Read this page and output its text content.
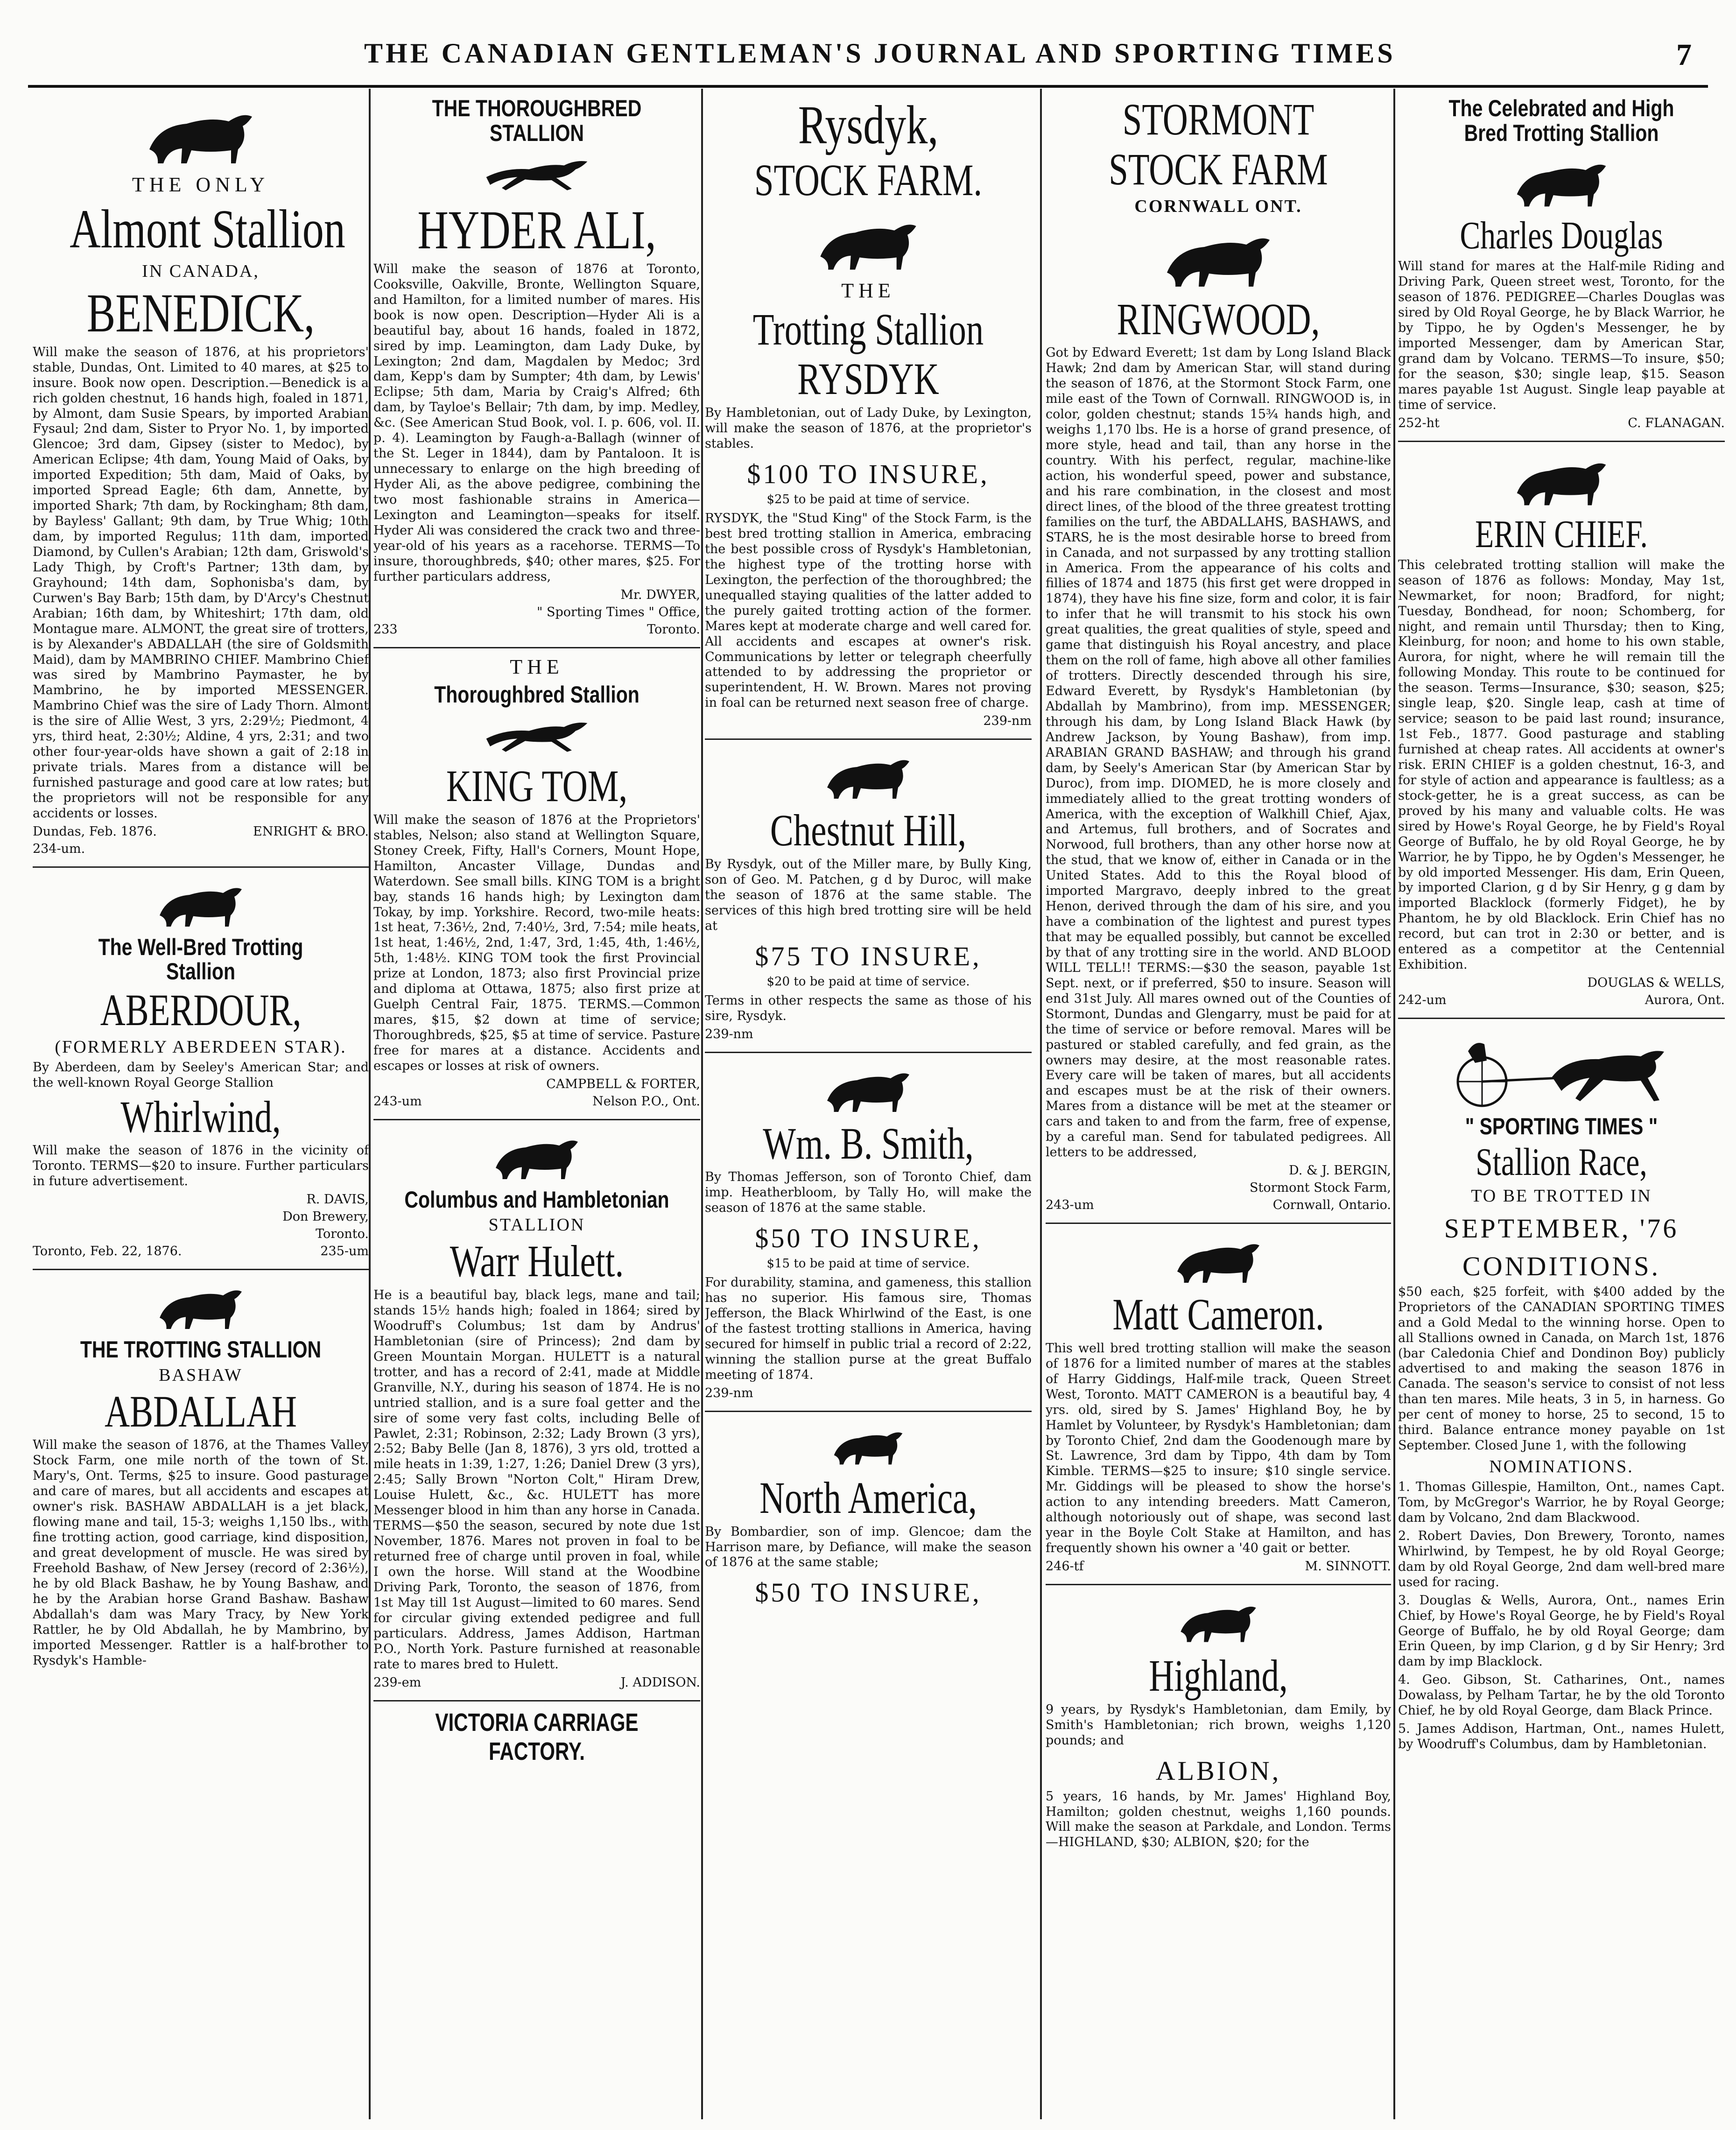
THE CANADIAN GENTLEMAN'S JOURNAL AND SPORTING TIMES	7
THE ONLY
Almont Stallion
IN CANADA,
BENEDICK,

Will make the season of 1876, at his proprietors' stable, Dundas, Ont. Limited to 40 mares, at $25 to insure. Book now open. Description.—Benedick is a rich golden chestnut, 16 hands high, foaled in 1871, by Almont, dam Susie Spears, by imported Arabian Fysaul; 2nd dam, Sister to Pryor No. 1, by imported Glencoe; 3rd dam, Gipsey (sister to Medoc), by American Eclipse; 4th dam, Young Maid of Oaks, by imported Expedition; 5th dam, Maid of Oaks, by imported Spread Eagle; 6th dam, Annette, by imported Shark; 7th dam, by Rockingham; 8th dam, by Bayless' Gallant; 9th dam, by True Whig; 10th dam, by imported Regulus; 11th dam, imported Diamond, by Cullen's Arabian; 12th dam, Griswold's Lady Thigh, by Croft's Partner; 13th dam, by Grayhound; 14th dam, Sophonisba's dam, by Curwen's Bay Barb; 15th dam, by D'Arcy's Chestnut Arabian; 16th dam, by Whiteshirt; 17th dam, old Montague mare. ALMONT, the great sire of trotters, is by Alexander's ABDALLAH (the sire of Goldsmith Maid), dam by MAMBRINO CHIEF. Mambrino Chief was sired by Mambrino Paymaster, he by Mambrino, he by imported MESSENGER. Mambrino Chief was the sire of Lady Thorn. Almont is the sire of Allie West, 3 yrs, 2:29½; Piedmont, 4 yrs, third heat, 2:30½; Aldine, 4 yrs, 2:31; and two other four-year-olds have shown a gait of 2:18 in private trials. Mares from a distance will be furnished pasturage and good care at low rates; but the proprietors will not be responsible for any accidents or losses.

Dundas, Feb. 1876.	ENRIGHT & BRO.
234-um.
The Well-Bred Trotting Stallion
ABERDOUR,
(FORMERLY ABERDEEN STAR).

By Aberdeen, dam by Seeley's American Star; and the well-known Royal George Stallion

Whirlwind,

Will make the season of 1876 in the vicinity of Toronto. TERMS—$20 to insure. Further particulars in future advertisement.

R. DAVIS,
Don Brewery,
Toronto.
Toronto, Feb. 22, 1876.	235-um
THE TROTTING STALLION
BASHAW
ABDALLAH

Will make the season of 1876, at the Thames Valley Stock Farm, one mile north of the town of St. Mary's, Ont. Terms, $25 to insure. Good pasturage and care of mares, but all accidents and escapes at owner's risk. BASHAW ABDALLAH is a jet black, flowing mane and tail, 15-3; weighs 1,150 lbs., with fine trotting action, good carriage, kind disposition, and great development of muscle. He was sired by Freehold Bashaw, of New Jersey (record of 2:36½), he by old Black Bashaw, he by Young Bashaw, and he by the Arabian horse Grand Bashaw. Bashaw Abdallah's dam was Mary Tracy, by New York Rattler, he by Old Abdallah, he by Mambrino, by imported Messenger. Rattler is a half-brother to Rysdyk's Hamble-

THE THOROUGHBRED STALLION
HYDER ALI,

Will make the season of 1876 at Toronto, Cooksville, Oakville, Bronte, Wellington Square, and Hamilton, for a limited number of mares. His book is now open. Description—Hyder Ali is a beautiful bay, about 16 hands, foaled in 1872, sired by imp. Leamington, dam Lady Duke, by Lexington; 2nd dam, Magdalen by Medoc; 3rd dam, Kepp's dam by Sumpter; 4th dam, by Lewis' Eclipse; 5th dam, Maria by Craig's Alfred; 6th dam, by Tayloe's Bellair; 7th dam, by imp. Medley, &c. (See American Stud Book, vol. I. p. 606, vol. II. p. 4). Leamington by Faugh-a-Ballagh (winner of the St. Leger in 1844), dam by Pantaloon. It is unnecessary to enlarge on the high breeding of Hyder Ali, as the above pedigree, combining the two most fashionable strains in America—Lexington and Leamington—speaks for itself. Hyder Ali was considered the crack two and three-year-old of his years as a racehorse. TERMS—To insure, thoroughbreds, $40; other mares, $25. For further particulars address,

Mr. DWYER,
" Sporting Times " Office,
233	Toronto.
THE
Thoroughbred Stallion
KING TOM,

Will make the season of 1876 at the Proprietors' stables, Nelson; also stand at Wellington Square, Stoney Creek, Fifty, Hall's Corners, Mount Hope, Hamilton, Ancaster Village, Dundas and Waterdown. See small bills. KING TOM is a bright bay, stands 16 hands high; by Lexington dam Tokay, by imp. Yorkshire. Record, two-mile heats: 1st heat, 7:36½, 2nd, 7:40½, 3rd, 7:54; mile heats, 1st heat, 1:46½, 2nd, 1:47, 3rd, 1:45, 4th, 1:46½, 5th, 1:48½. KING TOM took the first Provincial prize at London, 1873; also first Provincial prize and diploma at Ottawa, 1875; also first prize at Guelph Central Fair, 1875. TERMS.—Common mares, $15, $2 down at time of service; Thoroughbreds, $25, $5 at time of service. Pasture free for mares at a distance. Accidents and escapes or losses at risk of owners.

CAMPBELL & FORTER,
243-um	Nelson P.O., Ont.
Columbus and Hambletonian
STALLION
Warr Hulett.

He is a beautiful bay, black legs, mane and tail; stands 15½ hands high; foaled in 1864; sired by Woodruff's Columbus; 1st dam by Andrus' Hambletonian (sire of Princess); 2nd dam by Green Mountain Morgan. HULETT is a natural trotter, and has a record of 2:41, made at Middle Granville, N.Y., during his season of 1874. He is no untried stallion, and is a sure foal getter and the sire of some very fast colts, including Belle of Pawlet, 2:31; Robinson, 2:32; Lady Brown (3 yrs), 2:52; Baby Belle (Jan 8, 1876), 3 yrs old, trotted a mile heats in 1:39, 1:27, 1:26; Daniel Drew (3 yrs), 2:45; Sally Brown "Norton Colt," Hiram Drew, Louise Hulett, &c., &c. HULETT has more Messenger blood in him than any horse in Canada. TERMS—$50 the season, secured by note due 1st November, 1876. Mares not proven in foal to be returned free of charge until proven in foal, while I own the horse. Will stand at the Woodbine Driving Park, Toronto, the season of 1876, from 1st May till 1st August—limited to 60 mares. Send for circular giving extended pedigree and full particulars. Address, James Addison, Hartman P.O., North York. Pasture furnished at reasonable rate to mares bred to Hulett.

239-em	J. ADDISON.
VICTORIA CARRIAGE FACTORY.
Rysdyk,
STOCK FARM.
THE
Trotting Stallion
RYSDYK

By Hambletonian, out of Lady Duke, by Lexington, will make the season of 1876, at the proprietor's stables.

$100 TO INSURE,
$25 to be paid at time of service.

RYSDYK, the "Stud King" of the Stock Farm, is the best bred trotting stallion in America, embracing the best possible cross of Rysdyk's Hambletonian, the highest type of the trotting horse with Lexington, the perfection of the thoroughbred; the unequalled staying qualities of the latter added to the purely gaited trotting action of the former. Mares kept at moderate charge and well cared for. All accidents and escapes at owner's risk. Communications by letter or telegraph cheerfully attended to by addressing the proprietor or superintendent, H. W. Brown. Mares not proving in foal can be returned next season free of charge.

239-nm
Chestnut Hill,

By Rysdyk, out of the Miller mare, by Bully King, son of Geo. M. Patchen, g d by Duroc, will make the season of 1876 at the same stable. The services of this high bred trotting sire will be held at

$75 TO INSURE,
$20 to be paid at time of service.

Terms in other respects the same as those of his sire, Rysdyk.

239-nm
Wm. B. Smith,

By Thomas Jefferson, son of Toronto Chief, dam imp. Heatherbloom, by Tally Ho, will make the season of 1876 at the same stable.

$50 TO INSURE,
$15 to be paid at time of service.

For durability, stamina, and gameness, this stallion has no superior. His famous sire, Thomas Jefferson, the Black Whirlwind of the East, is one of the fastest trotting stallions in America, having secured for himself in public trial a record of 2:22, winning the stallion purse at the great Buffalo meeting of 1874.

239-nm
North America,

By Bombardier, son of imp. Glencoe; dam the Harrison mare, by Defiance, will make the season of 1876 at the same stable;

$50 TO INSURE,
STORMONT
STOCK FARM
CORNWALL ONT.
RINGWOOD,

Got by Edward Everett; 1st dam by Long Island Black Hawk; 2nd dam by American Star, will stand during the season of 1876, at the Stormont Stock Farm, one mile east of the Town of Cornwall. RINGWOOD is, in color, golden chestnut; stands 15¾ hands high, and weighs 1,170 lbs. He is a horse of grand presence, of more style, head and tail, than any horse in the country. With his perfect, regular, machine-like action, his wonderful speed, power and substance, and his rare combination, in the closest and most direct lines, of the blood of the three greatest trotting families on the turf, the ABDALLAHS, BASHAWS, and STARS, he is the most desirable horse to breed from in Canada, and not surpassed by any trotting stallion in America. From the appearance of his colts and fillies of 1874 and 1875 (his first get were dropped in 1874), they have his fine size, form and color, it is fair to infer that he will transmit to his stock his own great qualities, the great qualities of style, speed and game that distinguish his Royal ancestry, and place them on the roll of fame, high above all other families of trotters. Directly descended through his sire, Edward Everett, by Rysdyk's Hambletonian (by Abdallah by Mambrino), from imp. MESSENGER; through his dam, by Long Island Black Hawk (by Andrew Jackson, by Young Bashaw), from imp. ARABIAN GRAND BASHAW; and through his grand dam, by Seely's American Star (by American Star by Duroc), from imp. DIOMED, he is more closely and immediately allied to the great trotting wonders of America, with the exception of Walkhill Chief, Ajax, and Artemus, full brothers, and of Socrates and Norwood, full brothers, than any other horse now at the stud, that we know of, either in Canada or in the United States. Add to this the Royal blood of imported Margravo, deeply inbred to the great Henon, derived through the dam of his sire, and you have a combination of the lightest and purest types that may be equalled possibly, but cannot be excelled by that of any trotting sire in the world. AND BLOOD WILL TELL!! TERMS:—$30 the season, payable 1st Sept. next, or if preferred, $50 to insure. Season will end 31st July. All mares owned out of the Counties of Stormont, Dundas and Glengarry, must be paid for at the time of service or before removal. Mares will be pastured or stabled carefully, and fed grain, as the owners may desire, at the most reasonable rates. Every care will be taken of mares, but all accidents and escapes must be at the risk of their owners. Mares from a distance will be met at the steamer or cars and taken to and from the farm, free of expense, by a careful man. Send for tabulated pedigrees. All letters to be addressed,

D. & J. BERGIN,
Stormont Stock Farm,
243-um	Cornwall, Ontario.
Matt Cameron.

This well bred trotting stallion will make the season of 1876 for a limited number of mares at the stables of Harry Giddings, Half-mile track, Queen Street West, Toronto. MATT CAMERON is a beautiful bay, 4 yrs. old, sired by S. James' Highland Boy, he by Hamlet by Volunteer, by Rysdyk's Hambletonian; dam by Toronto Chief, 2nd dam the Goodenough mare by St. Lawrence, 3rd dam by Tippo, 4th dam by Tom Kimble. TERMS—$25 to insure; $10 single service. Mr. Giddings will be pleased to show the horse's action to any intending breeders. Matt Cameron, although notoriously out of shape, was second last year in the Boyle Colt Stake at Hamilton, and has frequently shown his owner a '40 gait or better.

246-tf	M. SINNOTT.
Highland,

9 years, by Rysdyk's Hambletonian, dam Emily, by Smith's Hambletonian; rich brown, weighs 1,120 pounds; and

ALBION,

5 years, 16 hands, by Mr. James' Highland Boy, Hamilton; golden chestnut, weighs 1,160 pounds. Will make the season at Parkdale, and London. Terms—HIGHLAND, $30; ALBION, $20; for the

The Celebrated and High Bred Trotting Stallion
Charles Douglas

Will stand for mares at the Half-mile Riding and Driving Park, Queen street west, Toronto, for the season of 1876. PEDIGREE—Charles Douglas was sired by Old Royal George, he by Black Warrior, he by Tippo, he by Ogden's Messenger, he by imported Messenger, dam by American Star, grand dam by Volcano. TERMS—To insure, $50; for the season, $30; single leap, $15. Season mares payable 1st August. Single leap payable at time of service.

252-ht	C. FLANAGAN.
ERIN CHIEF.

This celebrated trotting stallion will make the season of 1876 as follows: Monday, May 1st, Newmarket, for noon; Bradford, for night; Tuesday, Bondhead, for noon; Schomberg, for night, and remain until Thursday; then to King, Kleinburg, for noon; and home to his own stable, Aurora, for night, where he will remain till the following Monday. This route to be continued for the season. Terms—Insurance, $30; season, $25; single leap, $20. Single leap, cash at time of service; season to be paid last round; insurance, 1st Feb., 1877. Good pasturage and stabling furnished at cheap rates. All accidents at owner's risk. ERIN CHIEF is a golden chestnut, 16-3, and for style of action and appearance is faultless; as a stock-getter, he is a great success, as can be proved by his many and valuable colts. He was sired by Howe's Royal George, he by Field's Royal George of Buffalo, he by old Royal George, he by Warrior, he by Tippo, he by Ogden's Messenger, he by old imported Messenger. His dam, Erin Queen, by imported Clarion, g d by Sir Henry, g g dam by imported Blacklock (formerly Fidget), he by Phantom, he by old Blacklock. Erin Chief has no record, but can trot in 2:30 or better, and is entered as a competitor at the Centennial Exhibition.

DOUGLAS & WELLS,
242-um	Aurora, Ont.
" SPORTING TIMES "
Stallion Race,
TO BE TROTTED IN
SEPTEMBER, '76
CONDITIONS.

$50 each, $25 forfeit, with $400 added by the Proprietors of the CANADIAN SPORTING TIMES and a Gold Medal to the winning horse. Open to all Stallions owned in Canada, on March 1st, 1876 (bar Caledonia Chief and Dondinon Boy) publicly advertised to and making the season 1876 in Canada. The season's service to consist of not less than ten mares. Mile heats, 3 in 5, in harness. Go per cent of money to horse, 25 to second, 15 to third. Balance entrance money payable on 1st September. Closed June 1, with the following

NOMINATIONS.

1. Thomas Gillespie, Hamilton, Ont., names Capt. Tom, by McGregor's Warrior, he by Royal George; dam by Volcano, 2nd dam Blackwood.

2. Robert Davies, Don Brewery, Toronto, names Whirlwind, by Tempest, he by old Royal George; dam by old Royal George, 2nd dam well-bred mare used for racing.

3. Douglas & Wells, Aurora, Ont., names Erin Chief, by Howe's Royal George, he by Field's Royal George of Buffalo, he by old Royal George; dam Erin Queen, by imp Clarion, g d by Sir Henry; 3rd dam by imp Blacklock.

4. Geo. Gibson, St. Catharines, Ont., names Dowalass, by Pelham Tartar, he by the old Toronto Chief, he by old Royal George, dam Black Prince.

5. James Addison, Hartman, Ont., names Hulett, by Woodruff's Columbus, dam by Hambletonian.
